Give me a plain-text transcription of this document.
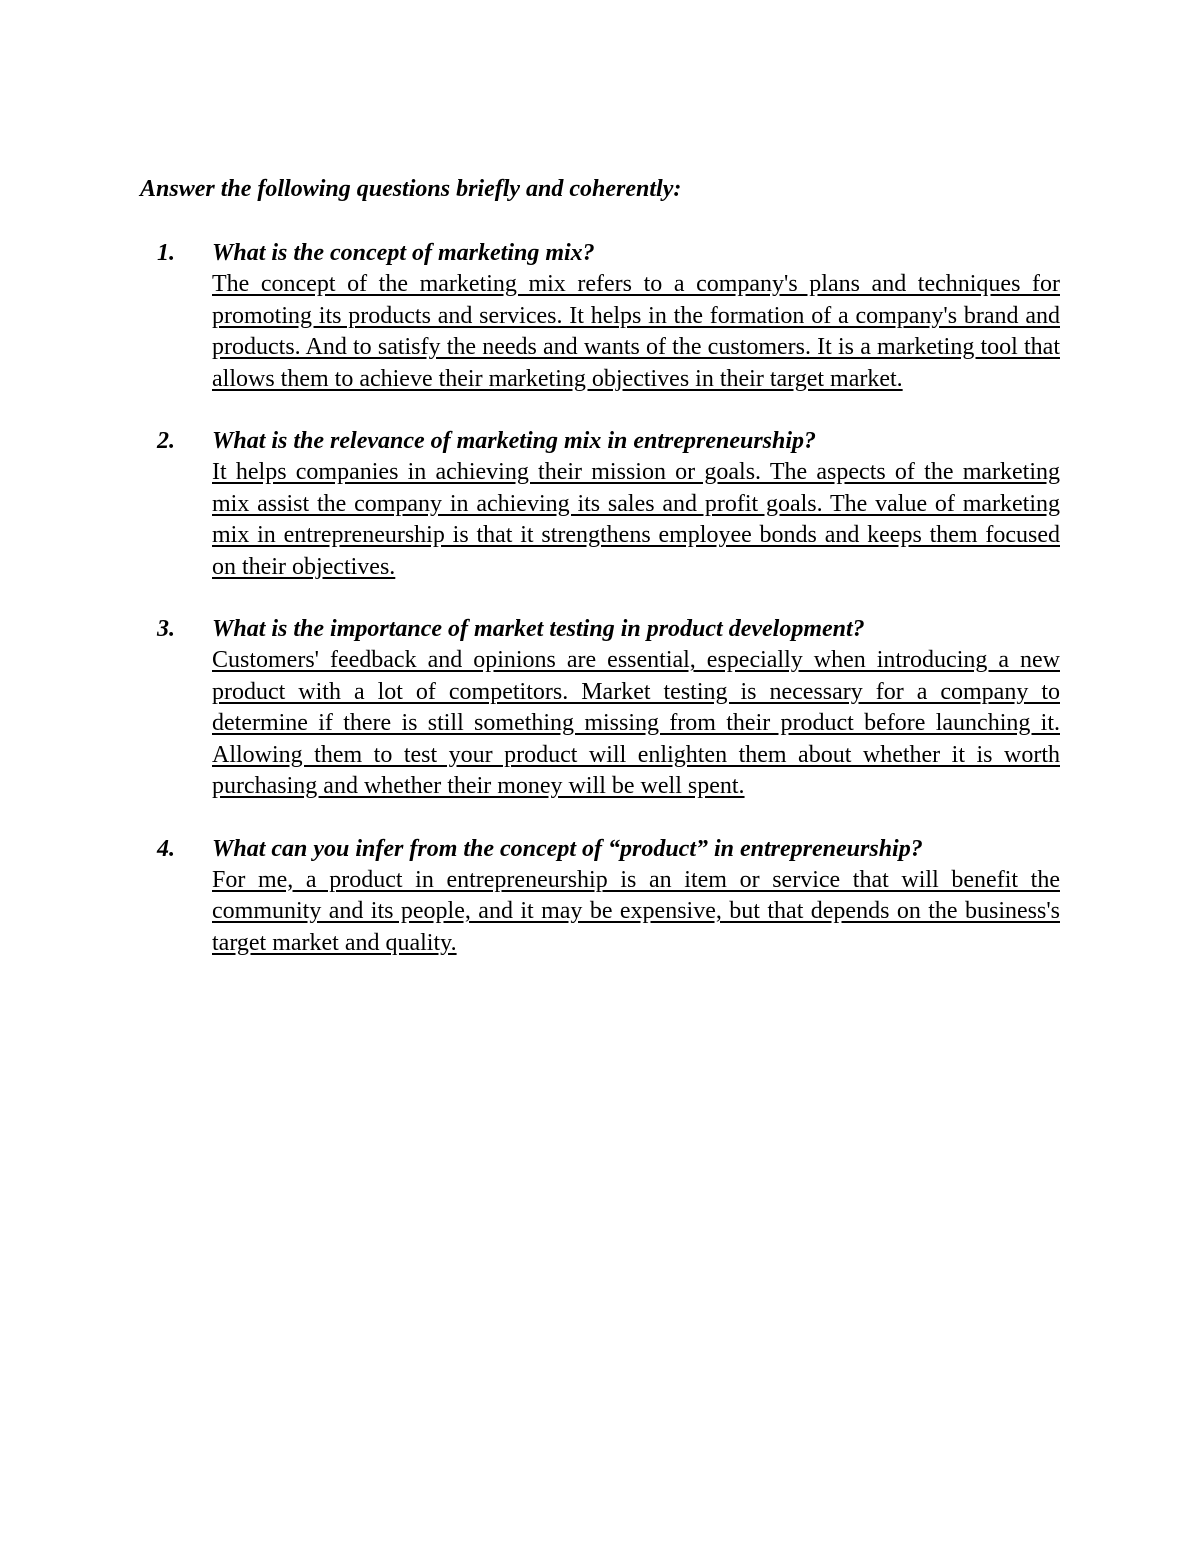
Answer the following questions briefly and coherently:
1. What is the concept of marketing mix?
The concept of the marketing mix refers to a company's plans and techniques for promoting its products and services. It helps in the formation of a company's brand and products. And to satisfy the needs and wants of the customers. It is a marketing tool that allows them to achieve their marketing objectives in their target market.
2. What is the relevance of marketing mix in entrepreneurship?
It helps companies in achieving their mission or goals. The aspects of the marketing mix assist the company in achieving its sales and profit goals. The value of marketing mix in entrepreneurship is that it strengthens employee bonds and keeps them focused on their objectives.
3. What is the importance of market testing in product development?
Customers' feedback and opinions are essential, especially when introducing a new product with a lot of competitors. Market testing is necessary for a company to determine if there is still something missing from their product before launching it. Allowing them to test your product will enlighten them about whether it is worth purchasing and whether their money will be well spent.
4. What can you infer from the concept of “product” in entrepreneurship?
For me, a product in entrepreneurship is an item or service that will benefit the community and its people, and it may be expensive, but that depends on the business's target market and quality.
